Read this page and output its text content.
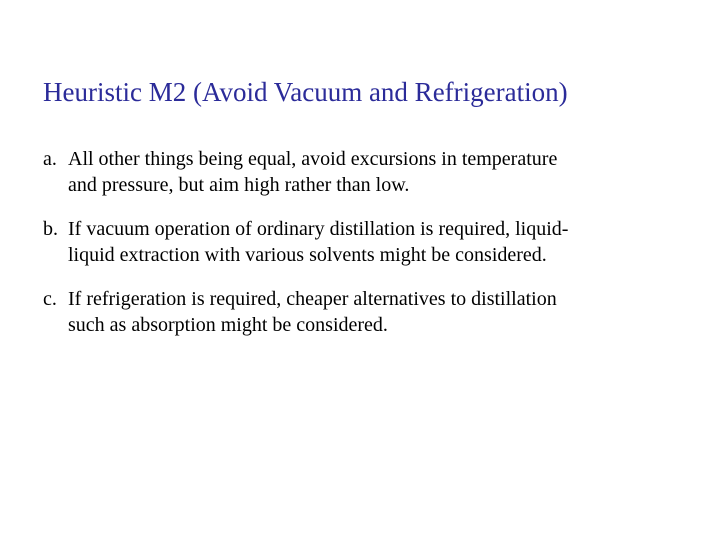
Heuristic M2 (Avoid Vacuum and Refrigeration)
a. All other things being equal, avoid excursions in temperature
and pressure, but aim high rather than low.
b. If vacuum operation of ordinary distillation is required, liquid-
liquid extraction with various solvents might be considered.
c. If refrigeration is required, cheaper alternatives to distillation
such as absorption might be considered.
